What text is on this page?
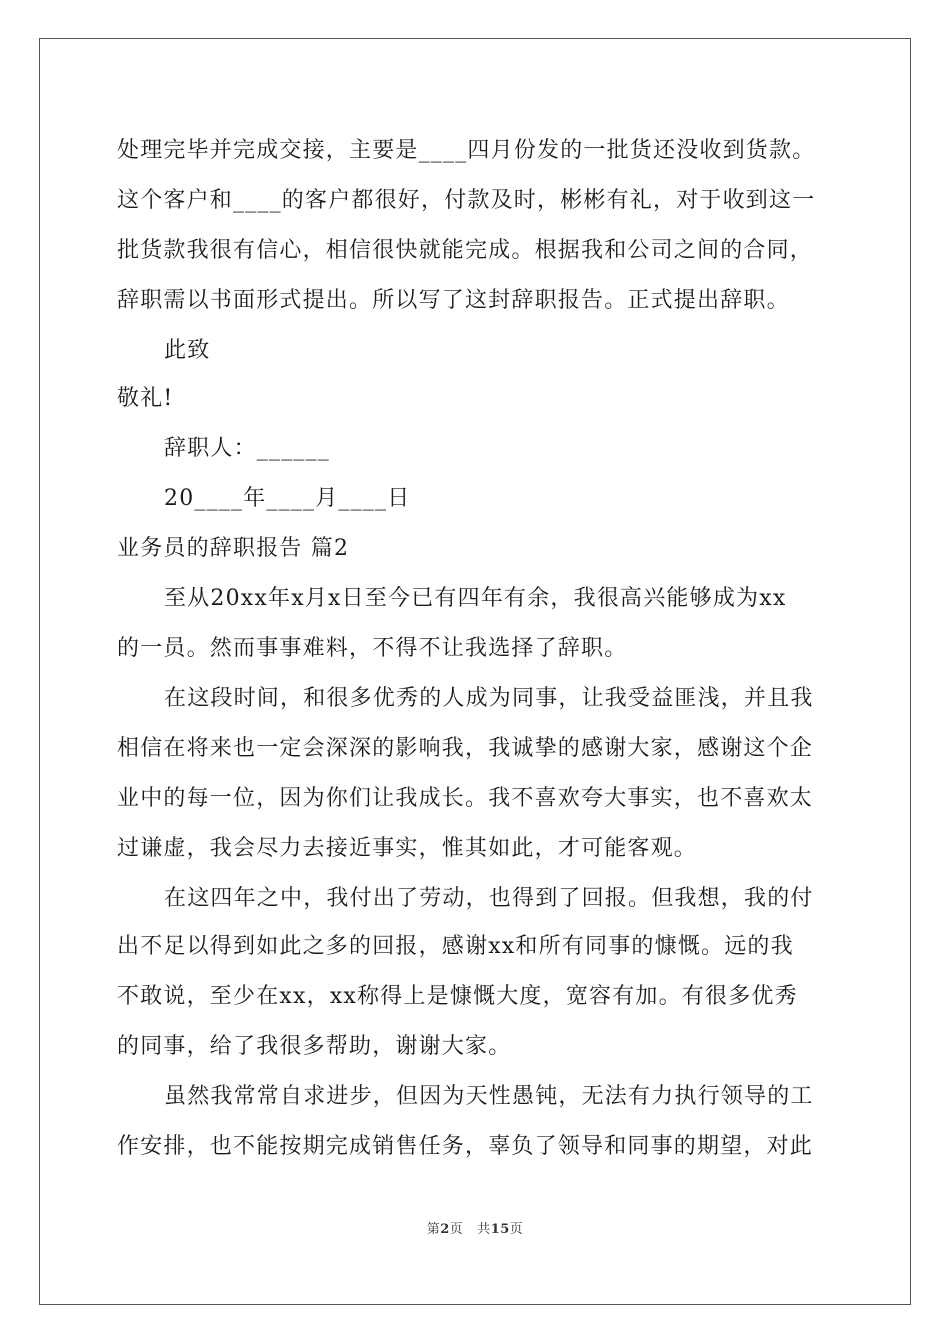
处理完毕并完成交接，主要是____四月份发的一批货还没收到货款。
这个客户和____的客户都很好，付款及时，彬彬有礼，对于收到这一
批货款我很有信心，相信很快就能完成。根据我和公司之间的合同，
辞职需以书面形式提出。所以写了这封辞职报告。正式提出辞职。
此致
敬礼!
辞职人：______
20____年____月____日
业务员的辞职报告 篇2
至从20xx年x月x日至今已有四年有余，我很高兴能够成为xx
的一员。然而事事难料，不得不让我选择了辞职。
在这段时间，和很多优秀的人成为同事，让我受益匪浅，并且我
相信在将来也一定会深深的影响我，我诚挚的感谢大家，感谢这个企
业中的每一位，因为你们让我成长。我不喜欢夸大事实，也不喜欢太
过谦虚，我会尽力去接近事实，惟其如此，才可能客观。
在这四年之中，我付出了劳动，也得到了回报。但我想，我的付
出不足以得到如此之多的回报，感谢xx和所有同事的慷慨。远的我
不敢说，至少在xx，xx称得上是慷慨大度，宽容有加。有很多优秀
的同事，给了我很多帮助，谢谢大家。
虽然我常常自求进步，但因为天性愚钝，无法有力执行领导的工
作安排，也不能按期完成销售任务，辜负了领导和同事的期望，对此
第2页 共15页
